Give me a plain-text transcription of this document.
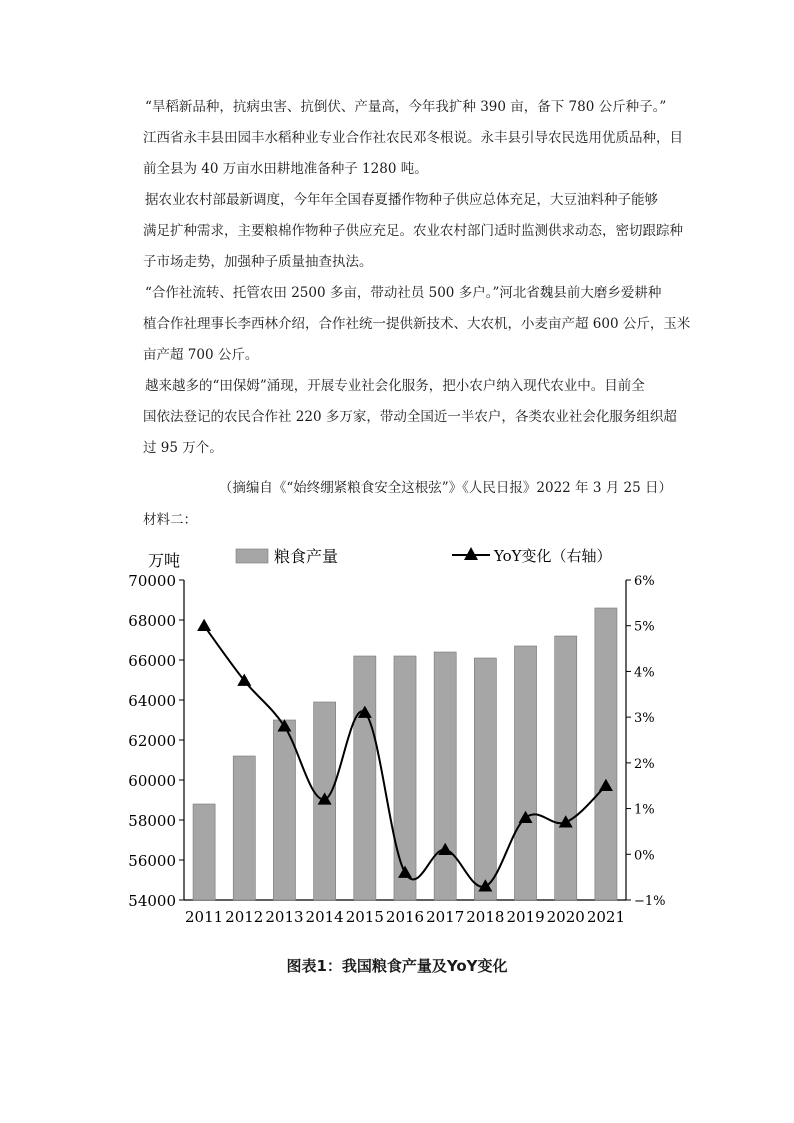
“旱稻新品种，抗病虫害、抗倒伏、产量高，今年我扩种 390 亩，备下 780 公斤种子。”
江西省永丰县田园丰水稻种业专业合作社农民邓冬根说。永丰县引导农民选用优质品种，目
前全县为 40 万亩水田耕地准备种子 1280 吨。
据农业农村部最新调度，今年年全国春夏播作物种子供应总体充足，大豆油料种子能够
满足扩种需求，主要粮棉作物种子供应充足。农业农村部门适时监测供求动态，密切跟踪种
子市场走势，加强种子质量抽查执法。
“合作社流转、托管农田 2500 多亩，带动社员 500 多户。”河北省魏县前大磨乡爱耕种
植合作社理事长李西林介绍，合作社统一提供新技术、大农机，小麦亩产超 600 公斤，玉米
亩产超 700 公斤。
越来越多的“田保姆”涌现，开展专业社会化服务，把小农户纳入现代农业中。目前全
国依法登记的农民合作社 220 多万家，带动全国近一半农户，各类农业社会化服务组织超
过 95 万个。
（摘编自《“始终绷紧粮食安全这根弦”》《人民日报》2022 年 3 月 25 日）
材料二：
54000
56000
58000
60000
62000
64000
66000
68000
70000
−1%
0%
1%
2%
3%
4%
5%
6%
万吨
2011 2012 2013 2014 2015 2016 2017 2018 2019 2020 2021
粮食产量	YoY变化（右轴）
图表1：我国粮食产量及YoY变化
